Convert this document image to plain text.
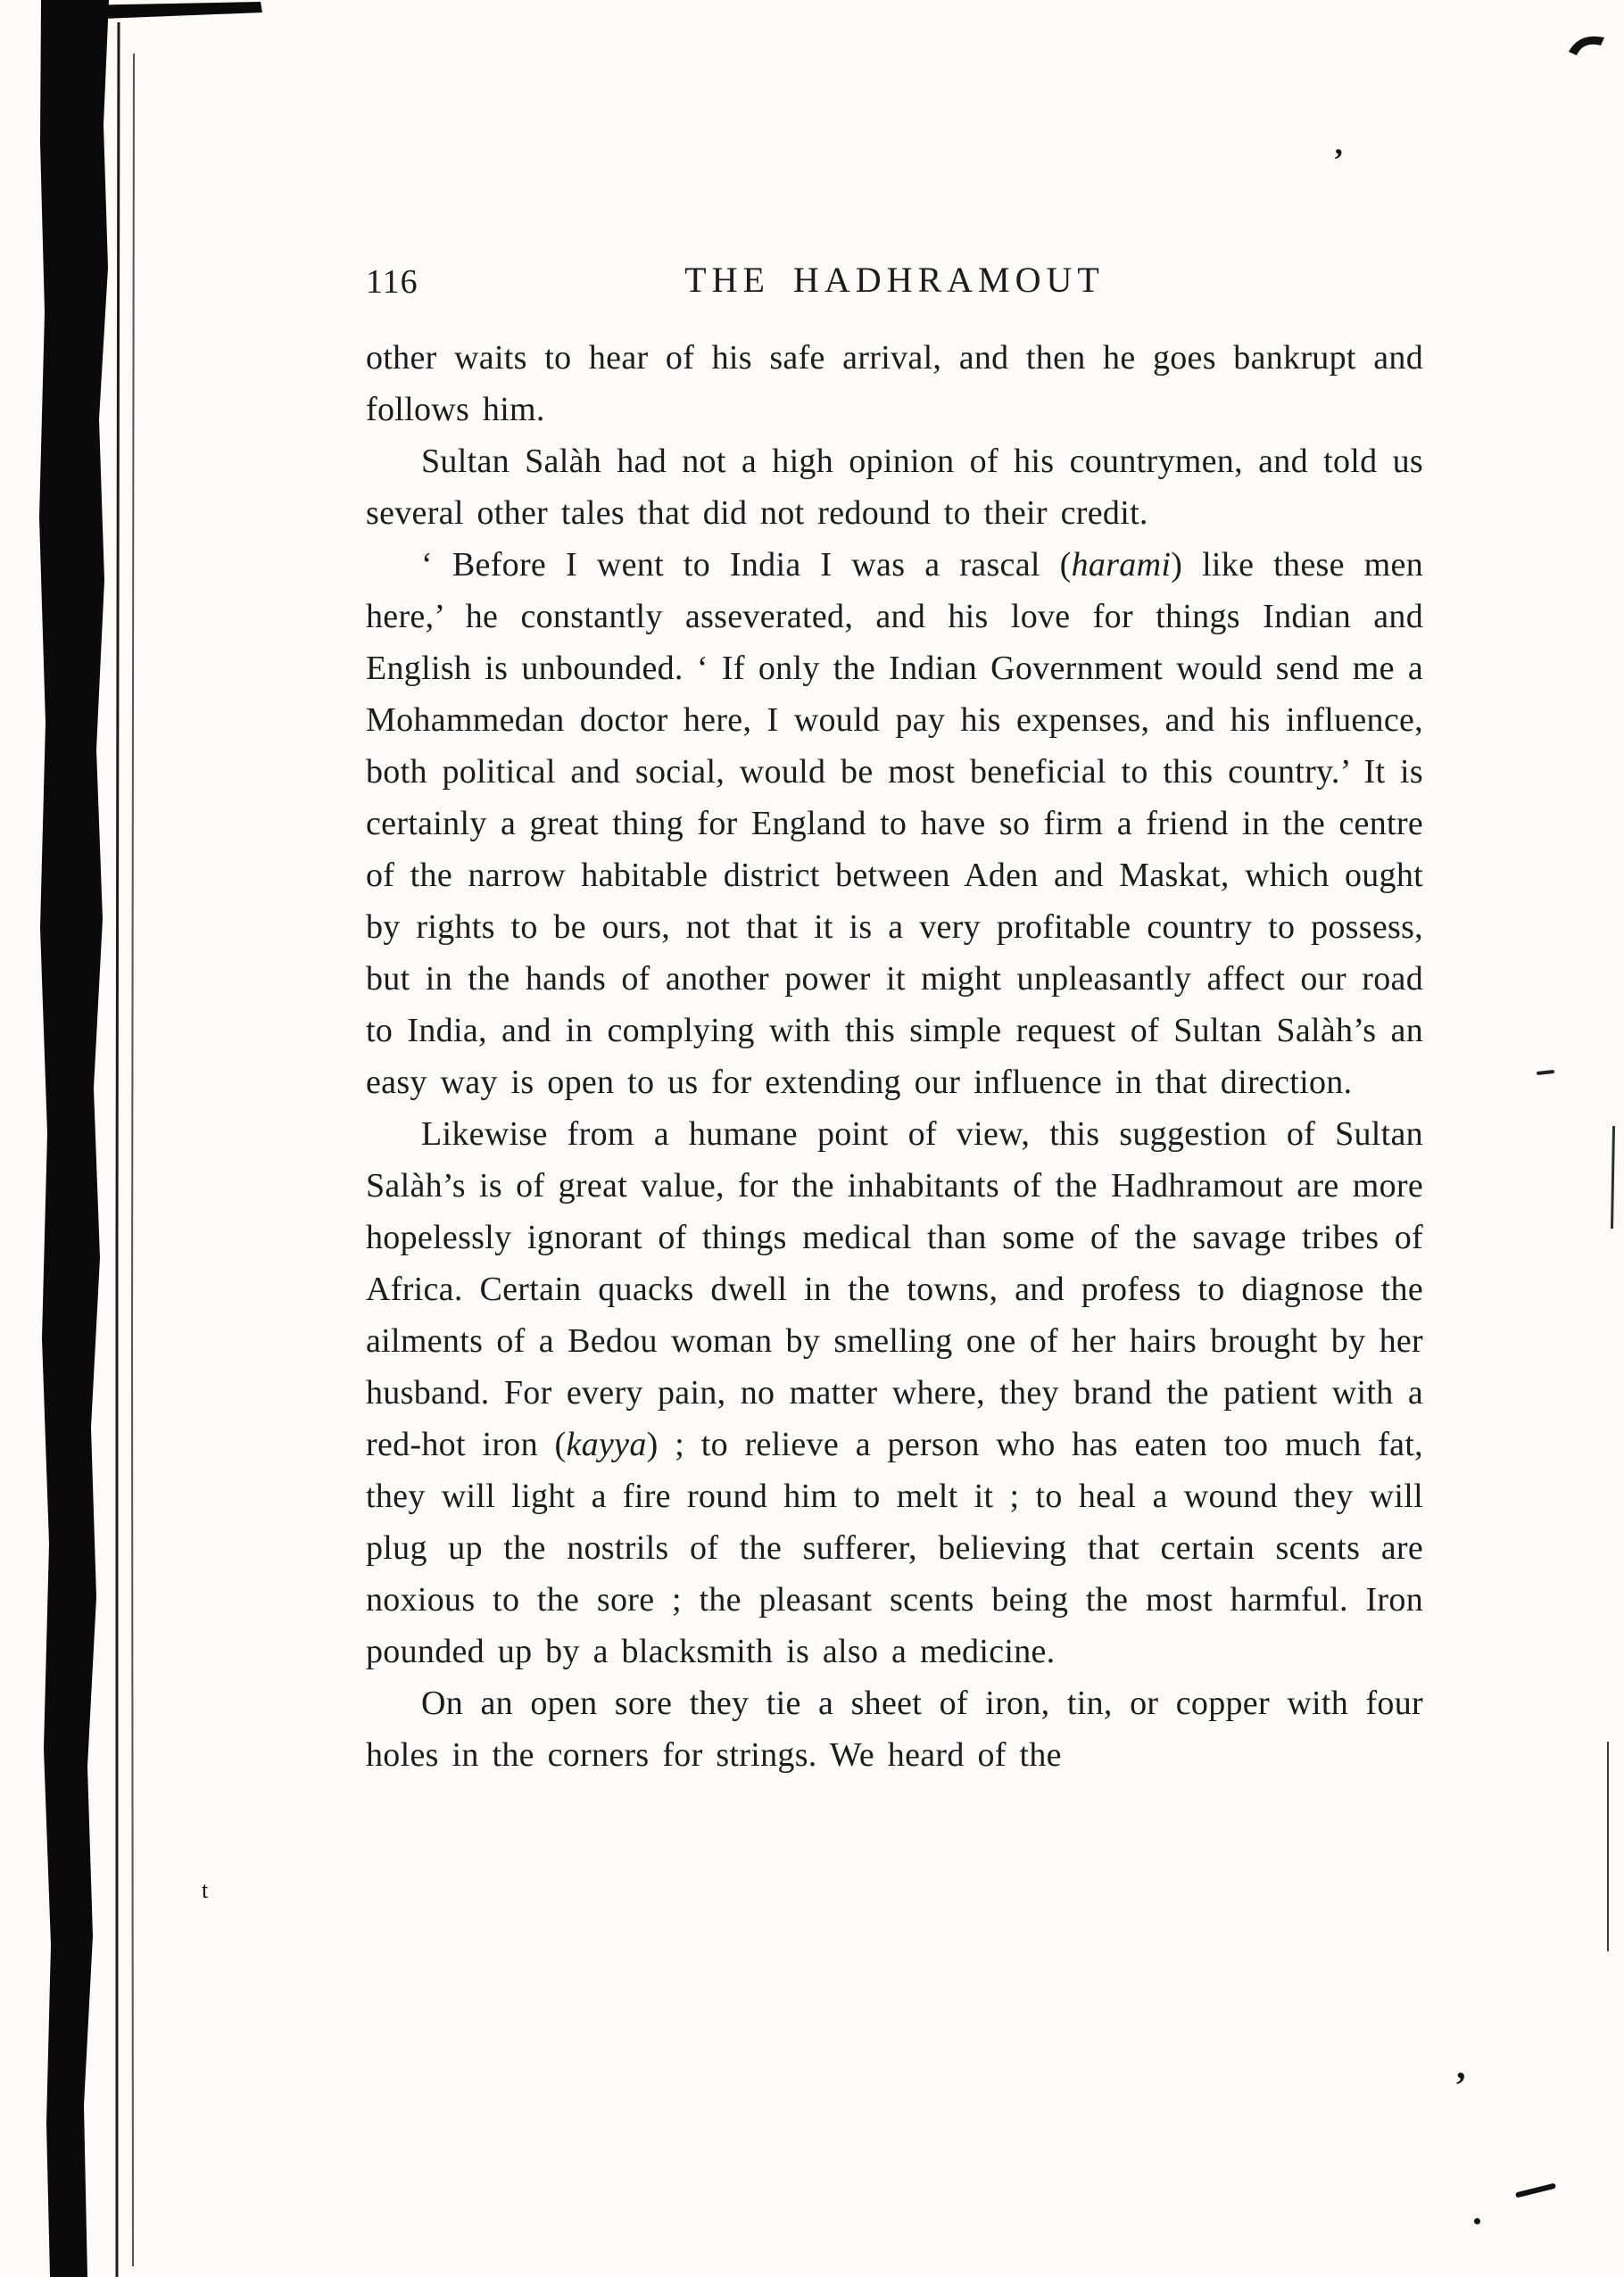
116	THE HADHRAMOUT

other waits to hear of his safe arrival, and then he goes bankrupt and follows him.

Sultan Salàh had not a high opinion of his countrymen, and told us several other tales that did not redound to their credit.

‘ Before I went to India I was a rascal (harami) like these men here,’ he constantly asseverated, and his love for things Indian and English is unbounded. ‘ If only the Indian Government would send me a Mohammedan doctor here, I would pay his expenses, and his influence, both political and social, would be most beneficial to this country.’ It is certainly a great thing for England to have so firm a friend in the centre of the narrow habitable district between Aden and Maskat, which ought by rights to be ours, not that it is a very profitable country to possess, but in the hands of another power it might unpleasantly affect our road to India, and in complying with this simple request of Sultan Salàh’s an easy way is open to us for extending our influence in that direction.

Likewise from a humane point of view, this suggestion of Sultan Salàh’s is of great value, for the inhabitants of the Hadhramout are more hopelessly ignorant of things medical than some of the savage tribes of Africa. Certain quacks dwell in the towns, and profess to diagnose the ailments of a Bedou woman by smelling one of her hairs brought by her husband. For every pain, no matter where, they brand the patient with a red-hot iron (kayya) ; to relieve a person who has eaten too much fat, they will light a fire round him to melt it ; to heal a wound they will plug up the nostrils of the sufferer, believing that certain scents are noxious to the sore ; the pleasant scents being the most harmful. Iron pounded up by a blacksmith is also a medicine.

On an open sore they tie a sheet of iron, tin, or copper with four holes in the corners for strings. We heard of the

’
,
t
